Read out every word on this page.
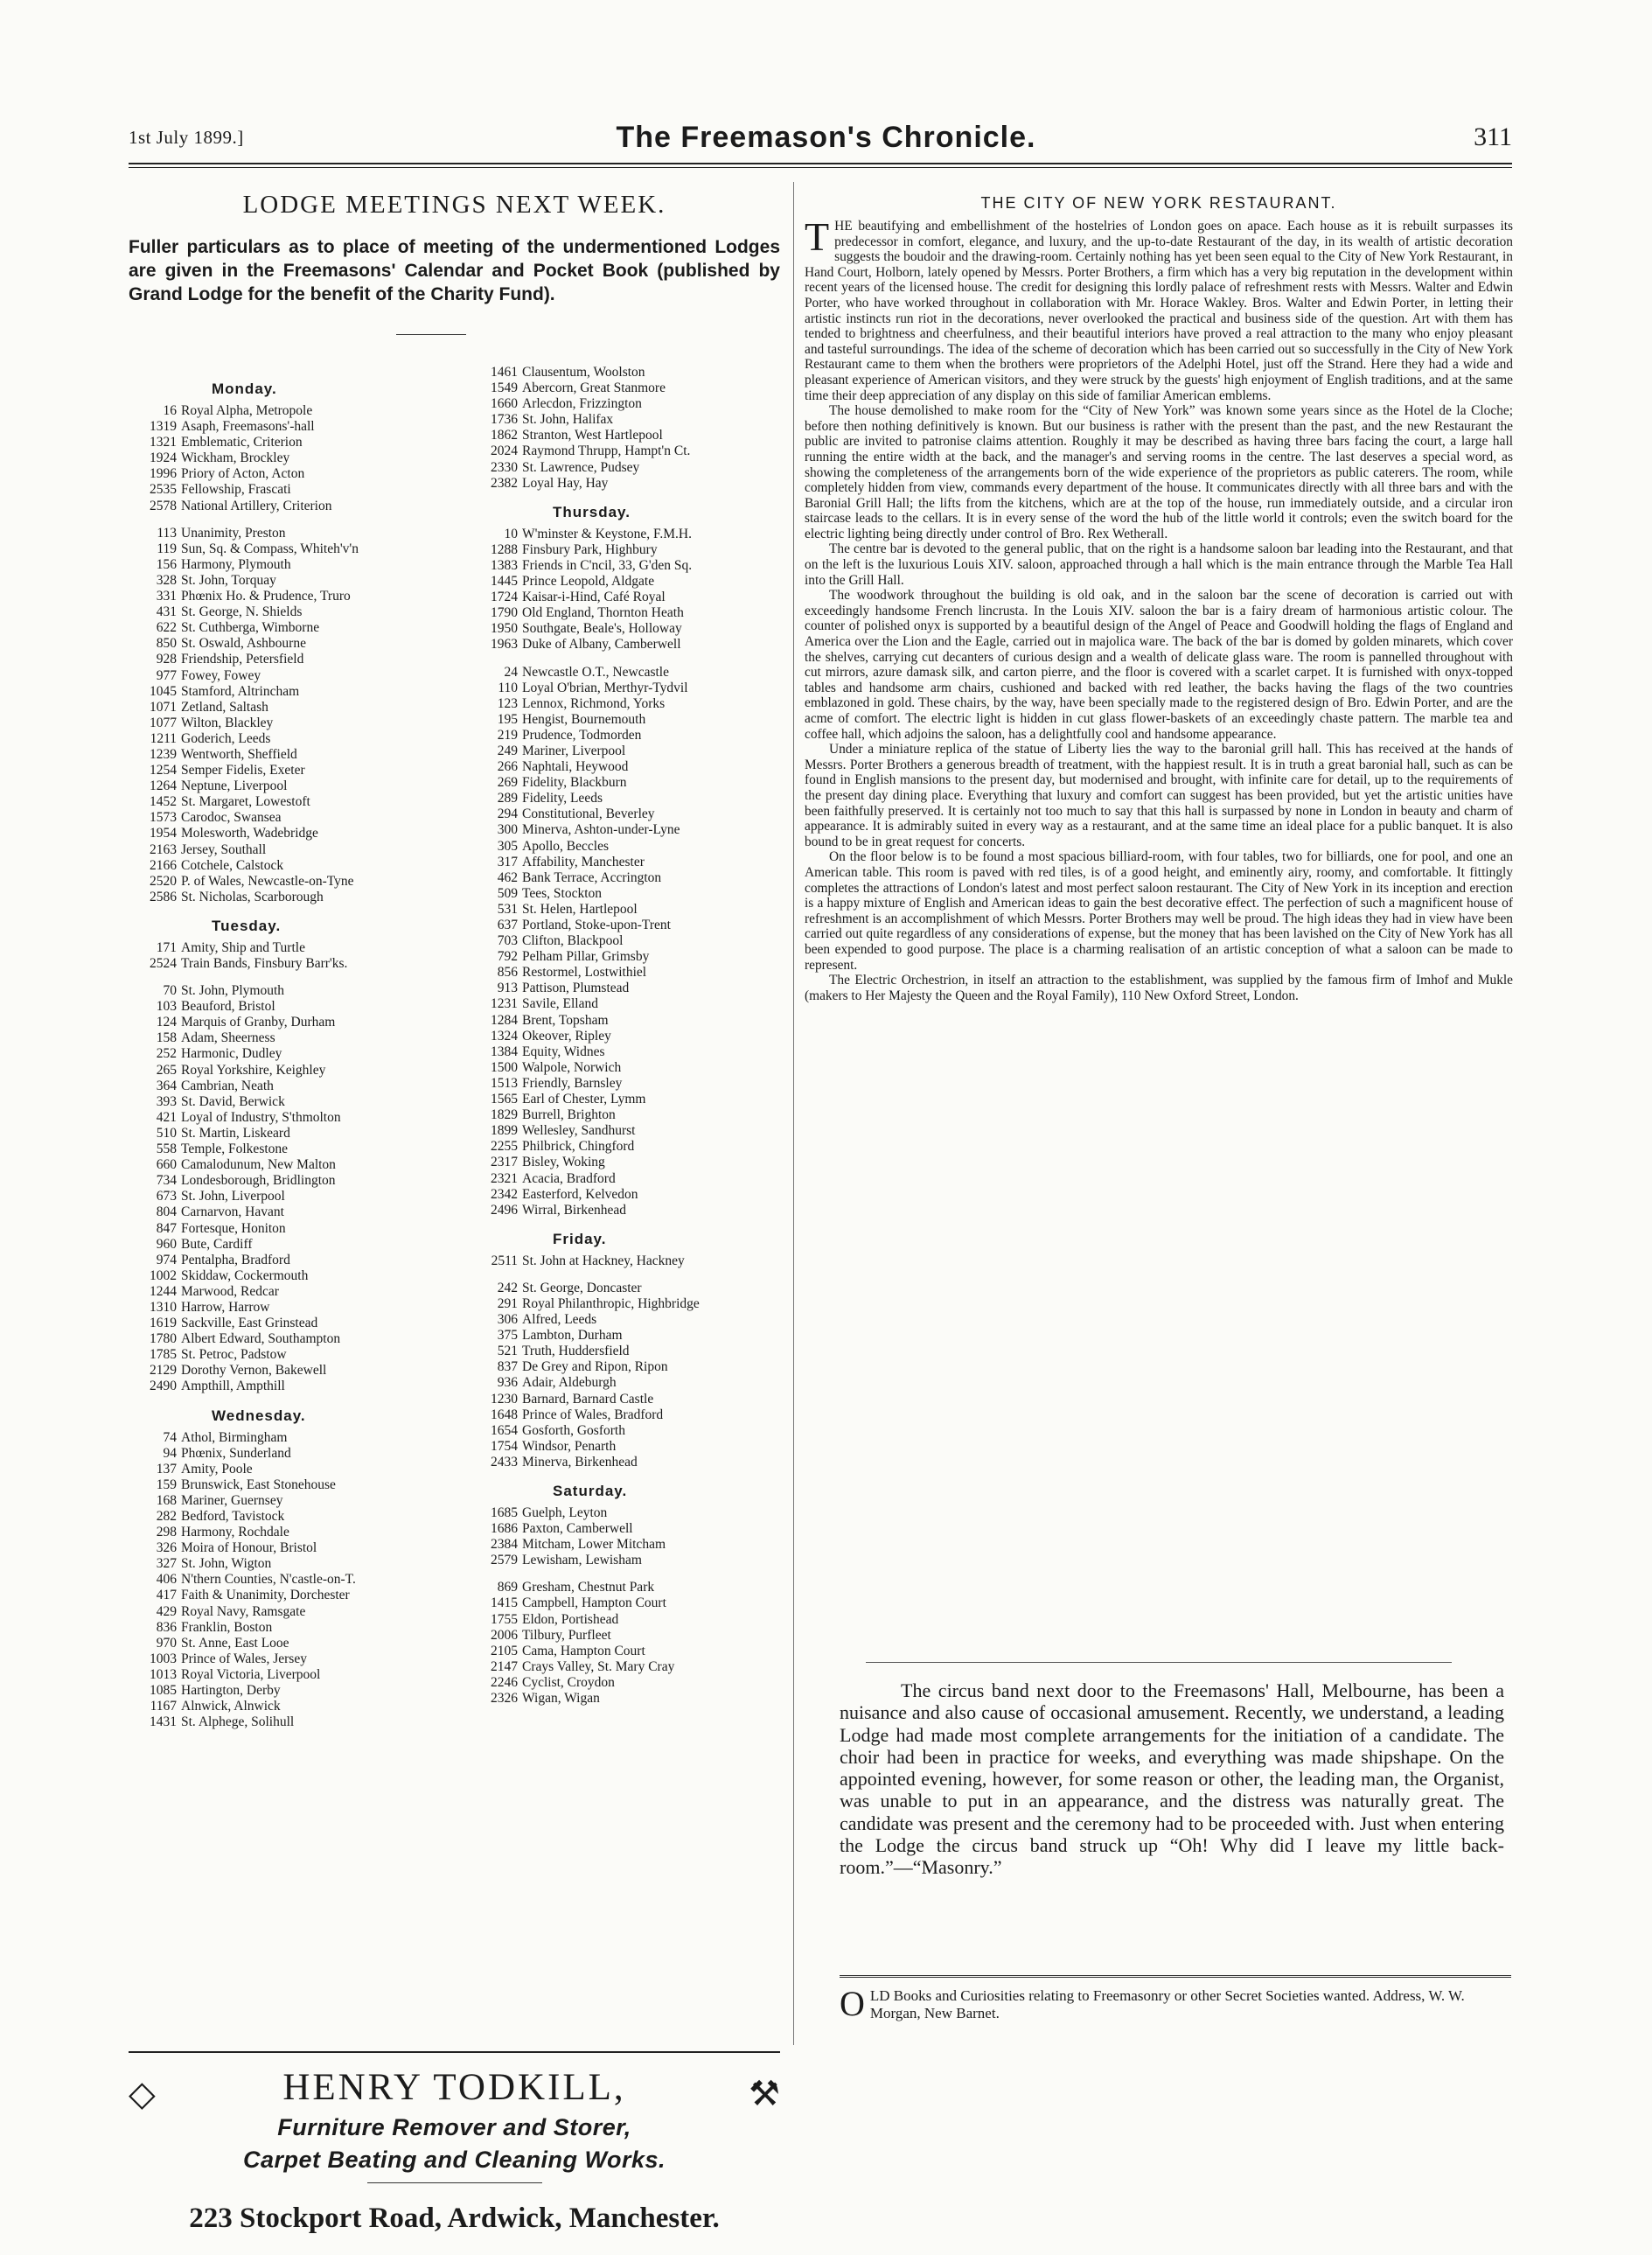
1st July 1899.]	The Freemason's Chronicle.	311
LODGE MEETINGS NEXT WEEK.
Fuller particulars as to place of meeting of the undermentioned Lodges are given in the Freemasons' Calendar and Pocket Book (published by Grand Lodge for the benefit of the Charity Fund).
Monday.
16 Royal Alpha, Metropole
1319 Asaph, Freemasons'-hall
1321 Emblematic, Criterion
1924 Wickham, Brockley
1996 Priory of Acton, Acton
2535 Fellowship, Frascati
2578 National Artillery, Criterion
113 Unanimity, Preston
119 Sun, Sq. & Compass, Whiteh'v'n
156 Harmony, Plymouth
328 St. John, Torquay
331 Phœnix Ho. & Prudence, Truro
431 St. George, N. Shields
622 St. Cuthberga, Wimborne
850 St. Oswald, Ashbourne
928 Friendship, Petersfield
977 Fowey, Fowey
1045 Stamford, Altrincham
1071 Zetland, Saltash
1077 Wilton, Blackley
1211 Goderich, Leeds
1239 Wentworth, Sheffield
1254 Semper Fidelis, Exeter
1264 Neptune, Liverpool
1452 St. Margaret, Lowestoft
1573 Carodoc, Swansea
1954 Molesworth, Wadebridge
2163 Jersey, Southall
2166 Cotchele, Calstock
2520 P. of Wales, Newcastle-on-Tyne
2586 St. Nicholas, Scarborough
Tuesday.
171 Amity, Ship and Turtle
2524 Train Bands, Finsbury Barr'ks.
70 St. John, Plymouth
103 Beauford, Bristol
124 Marquis of Granby, Durham
158 Adam, Sheerness
252 Harmonic, Dudley
265 Royal Yorkshire, Keighley
364 Cambrian, Neath
393 St. David, Berwick
421 Loyal of Industry, S'thmolton
510 St. Martin, Liskeard
558 Temple, Folkestone
660 Camalodunum, New Malton
734 Londesborough, Bridlington
673 St. John, Liverpool
804 Carnarvon, Havant
847 Fortesque, Honiton
960 Bute, Cardiff
974 Pentalpha, Bradford
1002 Skiddaw, Cockermouth
1244 Marwood, Redcar
1310 Harrow, Harrow
1619 Sackville, East Grinstead
1780 Albert Edward, Southampton
1785 St. Petroc, Padstow
2129 Dorothy Vernon, Bakewell
2490 Ampthill, Ampthill
Wednesday.
74 Athol, Birmingham
94 Phœnix, Sunderland
137 Amity, Poole
159 Brunswick, East Stonehouse
168 Mariner, Guernsey
282 Bedford, Tavistock
298 Harmony, Rochdale
326 Moira of Honour, Bristol
327 St. John, Wigton
406 N'thern Counties, N'castle-on-T.
417 Faith & Unanimity, Dorchester
429 Royal Navy, Ramsgate
836 Franklin, Boston
970 St. Anne, East Looe
1003 Prince of Wales, Jersey
1013 Royal Victoria, Liverpool
1085 Hartington, Derby
1167 Alnwick, Alnwick
1431 St. Alphege, Solihull
1461 Clausentum, Woolston
1549 Abercorn, Great Stanmore
1660 Arlecdon, Frizzington
1736 St. John, Halifax
1862 Stranton, West Hartlepool
2024 Raymond Thrupp, Hampt'n Ct.
2330 St. Lawrence, Pudsey
2382 Loyal Hay, Hay
Thursday.
10 W'minster & Keystone, F.M.H.
1288 Finsbury Park, Highbury
1383 Friends in C'ncil, 33, G'den Sq.
1445 Prince Leopold, Aldgate
1724 Kaisar-i-Hind, Café Royal
1790 Old England, Thornton Heath
1950 Southgate, Beale's, Holloway
1963 Duke of Albany, Camberwell
24 Newcastle O.T., Newcastle
110 Loyal O'brian, Merthyr-Tydvil
123 Lennox, Richmond, Yorks
195 Hengist, Bournemouth
219 Prudence, Todmorden
249 Mariner, Liverpool
266 Naphtali, Heywood
269 Fidelity, Blackburn
289 Fidelity, Leeds
294 Constitutional, Beverley
300 Minerva, Ashton-under-Lyne
305 Apollo, Beccles
317 Affability, Manchester
462 Bank Terrace, Accrington
509 Tees, Stockton
531 St. Helen, Hartlepool
637 Portland, Stoke-upon-Trent
703 Clifton, Blackpool
792 Pelham Pillar, Grimsby
856 Restormel, Lostwithiel
913 Pattison, Plumstead
1231 Savile, Elland
1284 Brent, Topsham
1324 Okeover, Ripley
1384 Equity, Widnes
1500 Walpole, Norwich
1513 Friendly, Barnsley
1565 Earl of Chester, Lymm
1829 Burrell, Brighton
1899 Wellesley, Sandhurst
2255 Philbrick, Chingford
2317 Bisley, Woking
2321 Acacia, Bradford
2342 Easterford, Kelvedon
2496 Wirral, Birkenhead
Friday.
2511 St. John at Hackney, Hackney
242 St. George, Doncaster
291 Royal Philanthropic, Highbridge
306 Alfred, Leeds
375 Lambton, Durham
521 Truth, Huddersfield
837 De Grey and Ripon, Ripon
936 Adair, Aldeburgh
1230 Barnard, Barnard Castle
1648 Prince of Wales, Bradford
1654 Gosforth, Gosforth
1754 Windsor, Penarth
2433 Minerva, Birkenhead
Saturday.
1685 Guelph, Leyton
1686 Paxton, Camberwell
2384 Mitcham, Lower Mitcham
2579 Lewisham, Lewisham
869 Gresham, Chestnut Park
1415 Campbell, Hampton Court
1755 Eldon, Portishead
2006 Tilbury, Purfleet
2105 Cama, Hampton Court
2147 Crays Valley, St. Mary Cray
2246 Cyclist, Croydon
2326 Wigan, Wigan
◇	⚒
HENRY TODKILL,
Furniture Remover and Storer,
Carpet Beating and Cleaning Works.
223 Stockport Road, Ardwick, Manchester.
THE CITY OF NEW YORK RESTAURANT.

THE beautifying and embellishment of the hostelries of London goes on apace. Each house as it is rebuilt surpasses its predecessor in comfort, elegance, and luxury, and the up-to-date Restaurant of the day, in its wealth of artistic decoration suggests the boudoir and the drawing-room. Certainly nothing has yet been seen equal to the City of New York Restaurant, in Hand Court, Holborn, lately opened by Messrs. Porter Brothers, a firm which has a very big reputation in the development within recent years of the licensed house. The credit for designing this lordly palace of refreshment rests with Messrs. Walter and Edwin Porter, who have worked throughout in collaboration with Mr. Horace Wakley. Bros. Walter and Edwin Porter, in letting their artistic instincts run riot in the decorations, never overlooked the practical and business side of the question. Art with them has tended to brightness and cheerfulness, and their beautiful interiors have proved a real attraction to the many who enjoy pleasant and tasteful surroundings. The idea of the scheme of decoration which has been carried out so successfully in the City of New York Restaurant came to them when the brothers were proprietors of the Adelphi Hotel, just off the Strand. Here they had a wide and pleasant experience of American visitors, and they were struck by the guests' high enjoyment of English traditions, and at the same time their deep appreciation of any display on this side of familiar American emblems.

The house demolished to make room for the “City of New York” was known some years since as the Hotel de la Cloche; before then nothing definitively is known. But our business is rather with the present than the past, and the new Restaurant the public are invited to patronise claims attention. Roughly it may be described as having three bars facing the court, a large hall running the entire width at the back, and the manager's and serving rooms in the centre. The last deserves a special word, as showing the completeness of the arrangements born of the wide experience of the proprietors as public caterers. The room, while completely hidden from view, commands every department of the house. It communicates directly with all three bars and with the Baronial Grill Hall; the lifts from the kitchens, which are at the top of the house, run immediately outside, and a circular iron staircase leads to the cellars. It is in every sense of the word the hub of the little world it controls; even the switch board for the electric lighting being directly under control of Bro. Rex Wetherall.

The centre bar is devoted to the general public, that on the right is a handsome saloon bar leading into the Restaurant, and that on the left is the luxurious Louis XIV. saloon, approached through a hall which is the main entrance through the Marble Tea Hall into the Grill Hall.

The woodwork throughout the building is old oak, and in the saloon bar the scene of decoration is carried out with exceedingly handsome French lincrusta. In the Louis XIV. saloon the bar is a fairy dream of harmonious artistic colour. The counter of polished onyx is supported by a beautiful design of the Angel of Peace and Goodwill holding the flags of England and America over the Lion and the Eagle, carried out in majolica ware. The back of the bar is domed by golden minarets, which cover the shelves, carrying cut decanters of curious design and a wealth of delicate glass ware. The room is pannelled throughout with cut mirrors, azure damask silk, and carton pierre, and the floor is covered with a scarlet carpet. It is furnished with onyx-topped tables and handsome arm chairs, cushioned and backed with red leather, the backs having the flags of the two countries emblazoned in gold. These chairs, by the way, have been specially made to the registered design of Bro. Edwin Porter, and are the acme of comfort. The electric light is hidden in cut glass flower-baskets of an exceedingly chaste pattern. The marble tea and coffee hall, which adjoins the saloon, has a delightfully cool and handsome appearance.

Under a miniature replica of the statue of Liberty lies the way to the baronial grill hall. This has received at the hands of Messrs. Porter Brothers a generous breadth of treatment, with the happiest result. It is in truth a great baronial hall, such as can be found in English mansions to the present day, but modernised and brought, with infinite care for detail, up to the requirements of the present day dining place. Everything that luxury and comfort can suggest has been provided, but yet the artistic unities have been faithfully preserved. It is certainly not too much to say that this hall is surpassed by none in London in beauty and charm of appearance. It is admirably suited in every way as a restaurant, and at the same time an ideal place for a public banquet. It is also bound to be in great request for concerts.

On the floor below is to be found a most spacious billiard-room, with four tables, two for billiards, one for pool, and one an American table. This room is paved with red tiles, is of a good height, and eminently airy, roomy, and comfortable. It fittingly completes the attractions of London's latest and most perfect saloon restaurant. The City of New York in its inception and erection is a happy mixture of English and American ideas to gain the best decorative effect. The perfection of such a magnificent house of refreshment is an accomplishment of which Messrs. Porter Brothers may well be proud. The high ideas they had in view have been carried out quite regardless of any considerations of expense, but the money that has been lavished on the City of New York has all been expended to good purpose. The place is a charming realisation of an artistic conception of what a saloon can be made to represent.

The Electric Orchestrion, in itself an attraction to the establishment, was supplied by the famous firm of Imhof and Mukle (makers to Her Majesty the Queen and the Royal Family), 110 New Oxford Street, London.

The circus band next door to the Freemasons' Hall, Melbourne, has been a nuisance and also cause of occasional amusement. Recently, we understand, a leading Lodge had made most complete arrangements for the initiation of a candidate. The choir had been in practice for weeks, and everything was made shipshape. On the appointed evening, however, for some reason or other, the leading man, the Organist, was unable to put in an appearance, and the distress was naturally great. The candidate was present and the ceremony had to be proceeded with. Just when entering the Lodge the circus band struck up “Oh! Why did I leave my little back-room.”—“Masonry.”

OLD Books and Curiosities relating to Freemasonry or other Secret Societies wanted. Address, W. W. Morgan, New Barnet.
